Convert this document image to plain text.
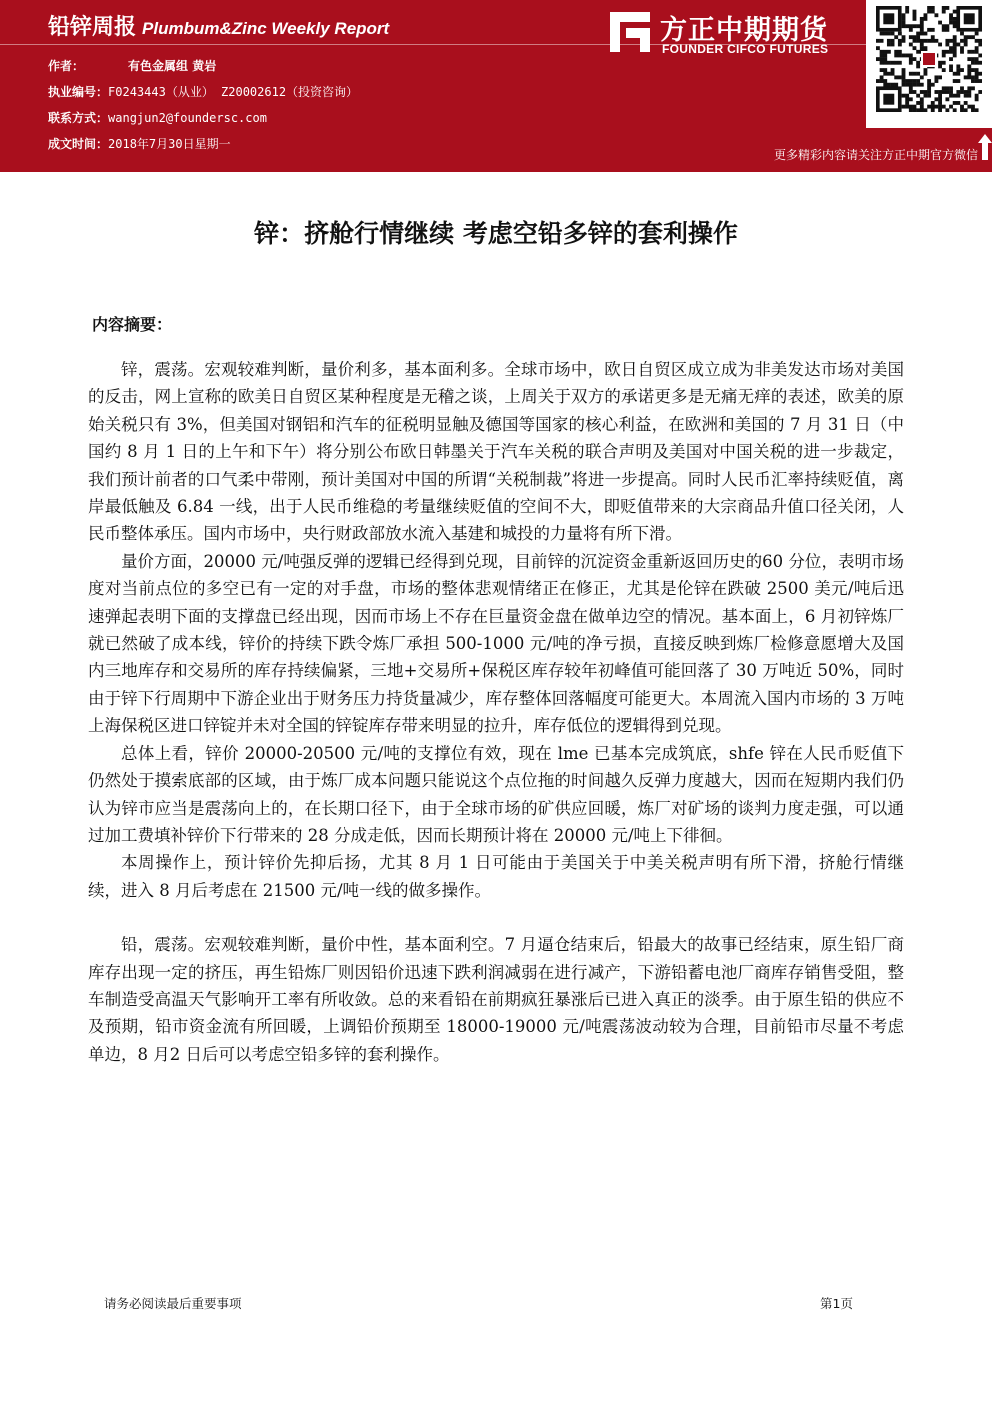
铅锌周报 Plumbum&Zinc Weekly Report
作者：	有色金属组 黄岩
执业编号：F0243443（从业） Z20002612（投资咨询）
联系方式：wangjun2@foundersc.com
成文时间：2018年7月30日星期一
方正中期期货
FOUNDER CIFCO FUTURES
更多精彩内容请关注方正中期官方微信
锌：挤舱行情继续 考虑空铅多锌的套利操作
内容摘要：

锌，震荡。宏观较难判断，量价利多，基本面利多。全球市场中，欧日自贸区成立成为非美发达市场对美国的反击，网上宣称的欧美日自贸区某种程度是无稽之谈，上周关于双方的承诺更多是无痛无痒的表述，欧美的原始关税只有 3%，但美国对钢铝和汽车的征税明显触及德国等国家的核心利益，在欧洲和美国的 7 月 31 日（中国约 8 月 1 日的上午和下午）将分别公布欧日韩墨关于汽车关税的联合声明及美国对中国关税的进一步裁定，我们预计前者的口气柔中带刚，预计美国对中国的所谓“关税制裁”将进一步提高。同时人民币汇率持续贬值，离岸最低触及 6.84 一线，出于人民币维稳的考量继续贬值的空间不大，即贬值带来的大宗商品升值口径关闭，人民币整体承压。国内市场中，央行财政部放水流入基建和城投的力量将有所下滑。

量价方面，20000 元/吨强反弹的逻辑已经得到兑现，目前锌的沉淀资金重新返回历史的60 分位，表明市场度对当前点位的多空已有一定的对手盘，市场的整体悲观情绪正在修正，尤其是伦锌在跌破 2500 美元/吨后迅速弹起表明下面的支撑盘已经出现，因而市场上不存在巨量资金盘在做单边空的情况。基本面上，6 月初锌炼厂就已然破了成本线，锌价的持续下跌令炼厂承担 500-1000 元/吨的净亏损，直接反映到炼厂检修意愿增大及国内三地库存和交易所的库存持续偏紧，三地+交易所+保税区库存较年初峰值可能回落了 30 万吨近 50%，同时由于锌下行周期中下游企业出于财务压力持货量减少，库存整体回落幅度可能更大。本周流入国内市场的 3 万吨上海保税区进口锌锭并未对全国的锌锭库存带来明显的拉升，库存低位的逻辑得到兑现。

总体上看，锌价 20000-20500 元/吨的支撑位有效，现在 lme 已基本完成筑底，shfe 锌在人民币贬值下仍然处于摸索底部的区域，由于炼厂成本问题只能说这个点位拖的时间越久反弹力度越大，因而在短期内我们仍认为锌市应当是震荡向上的，在长期口径下，由于全球市场的矿供应回暖，炼厂对矿场的谈判力度走强，可以通过加工费填补锌价下行带来的 28 分成走低，因而长期预计将在 20000 元/吨上下徘徊。

本周操作上，预计锌价先抑后扬，尤其 8 月 1 日可能由于美国关于中美关税声明有所下滑，挤舱行情继续，进入 8 月后考虑在 21500 元/吨一线的做多操作。

铅，震荡。宏观较难判断，量价中性，基本面利空。7 月逼仓结束后，铅最大的故事已经结束，原生铅厂商库存出现一定的挤压，再生铅炼厂则因铅价迅速下跌利润减弱在进行减产，下游铅蓄电池厂商库存销售受阻，整车制造受高温天气影响开工率有所收敛。总的来看铅在前期疯狂暴涨后已进入真正的淡季。由于原生铅的供应不及预期，铅市资金流有所回暖，上调铅价预期至 18000-19000 元/吨震荡波动较为合理，目前铅市尽量不考虑单边，8 月2 日后可以考虑空铅多锌的套利操作。

请务必阅读最后重要事项	第1页
